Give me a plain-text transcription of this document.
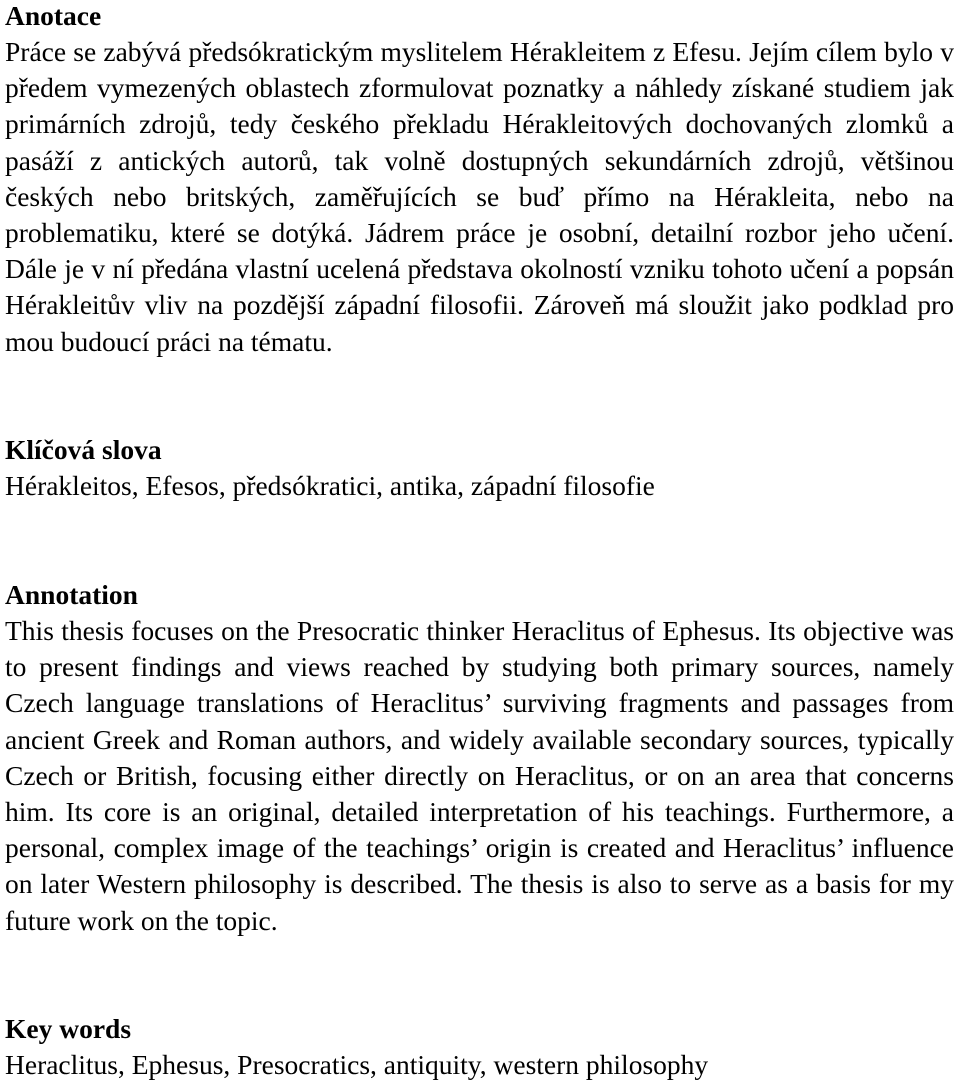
Anotace

Práce se zabývá předsókratickým myslitelem Hérakleitem z Efesu. Jejím cílem bylo v předem vymezených oblastech zformulovat poznatky a náhledy získané studiem jak primárních zdrojů, tedy českého překladu Hérakleitových dochovaných zlomků a pasáží z antických autorů, tak volně dostupných sekundárních zdrojů, většinou českých nebo britských, zaměřujících se buď přímo na Hérakleita, nebo na problematiku, které se dotýká. Jádrem práce je osobní, detailní rozbor jeho učení. Dále je v ní předána vlastní ucelená představa okolností vzniku tohoto učení a popsán Hérakleitův vliv na pozdější západní filosofii. Zároveň má sloužit jako podklad pro mou budoucí práci na tématu.

Klíčová slova

Hérakleitos, Efesos, předsókratici, antika, západní filosofie

Annotation

This thesis focuses on the Presocratic thinker Heraclitus of Ephesus. Its objective was to present findings and views reached by studying both primary sources, namely Czech language translations of Heraclitus’ surviving fragments and passages from ancient Greek and Roman authors, and widely available secondary sources, typically Czech or British, focusing either directly on Heraclitus, or on an area that concerns him. Its core is an original, detailed interpretation of his teachings. Furthermore, a personal, complex image of the teachings’ origin is created and Heraclitus’ influence on later Western philosophy is described. The thesis is also to serve as a basis for my future work on the topic.

Key words

Heraclitus, Ephesus, Presocratics, antiquity, western philosophy
